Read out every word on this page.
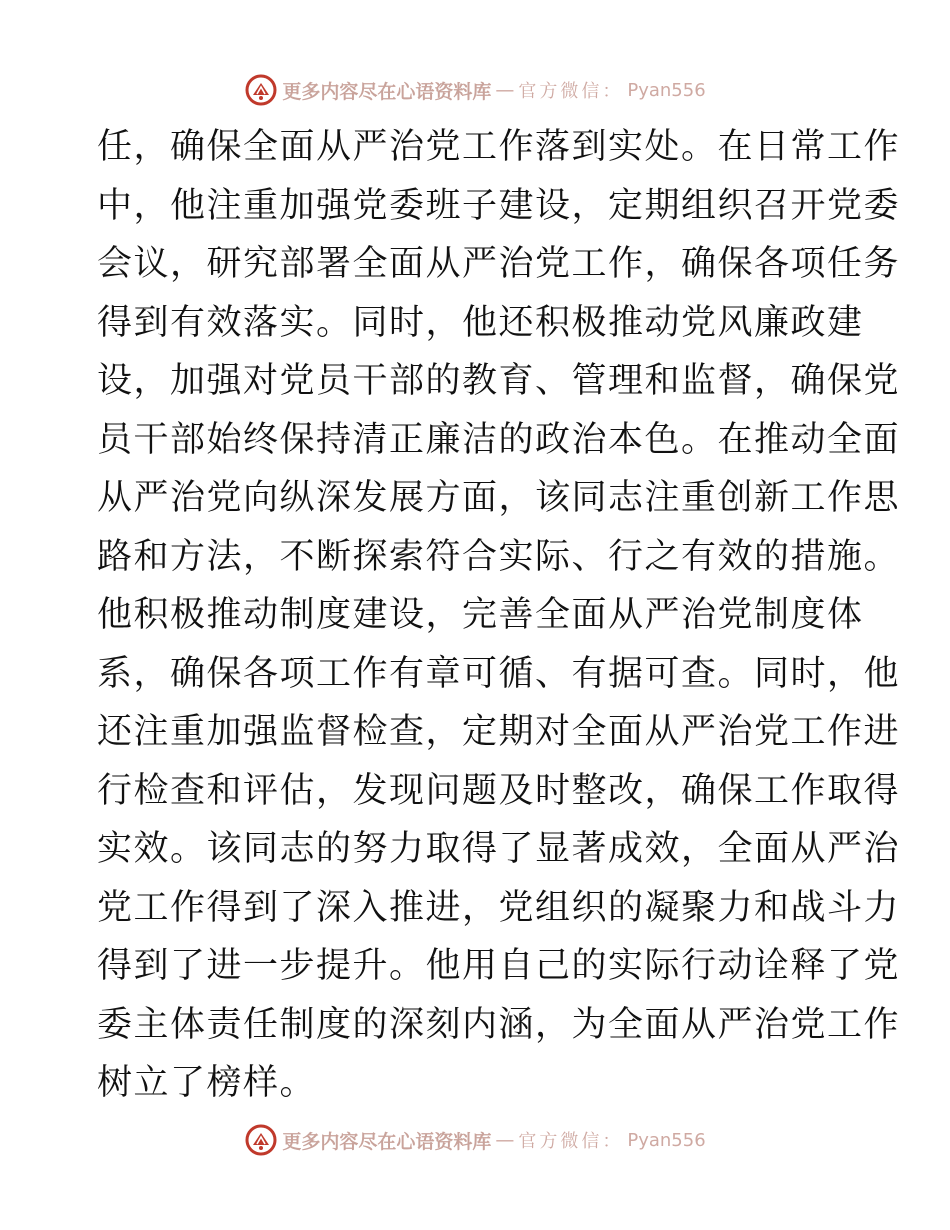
更多内容尽在心语资料库 — 官方微信： Pyan556
任，确保全面从严治党工作落到实处。在日常工作
中，他注重加强党委班子建设，定期组织召开党委
会议，研究部署全面从严治党工作，确保各项任务
得到有效落实。同时，他还积极推动党风廉政建
设，加强对党员干部的教育、管理和监督，确保党
员干部始终保持清正廉洁的政治本色。在推动全面
从严治党向纵深发展方面，该同志注重创新工作思
路和方法，不断探索符合实际、行之有效的措施。
他积极推动制度建设，完善全面从严治党制度体
系，确保各项工作有章可循、有据可查。同时，他
还注重加强监督检查，定期对全面从严治党工作进
行检查和评估，发现问题及时整改，确保工作取得
实效。该同志的努力取得了显著成效，全面从严治
党工作得到了深入推进，党组织的凝聚力和战斗力
得到了进一步提升。他用自己的实际行动诠释了党
委主体责任制度的深刻内涵，为全面从严治党工作
树立了榜样。
更多内容尽在心语资料库 — 官方微信： Pyan556
